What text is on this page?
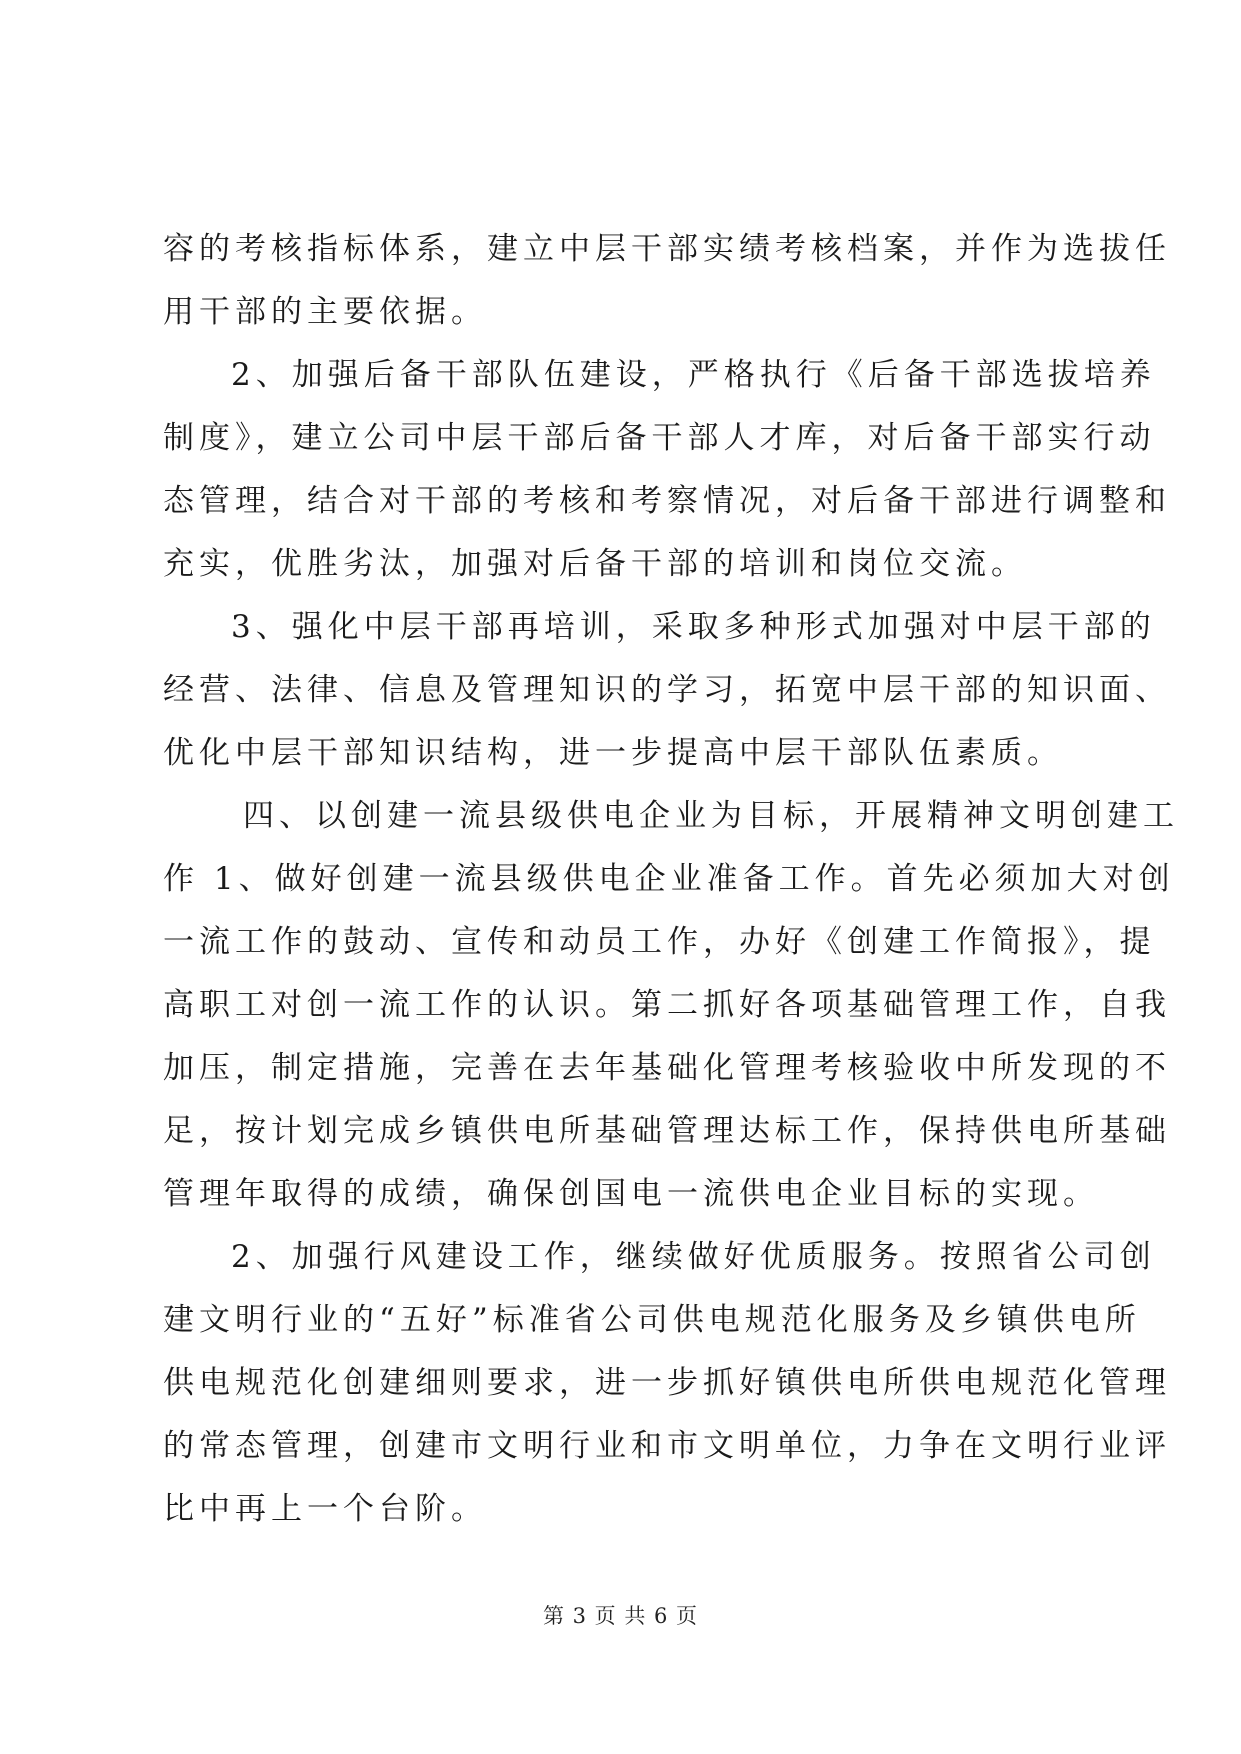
容的考核指标体系，建立中层干部实绩考核档案，并作为选拔任
用干部的主要依据。
2、加强后备干部队伍建设，严格执行《后备干部选拔培养
制度》，建立公司中层干部后备干部人才库，对后备干部实行动
态管理，结合对干部的考核和考察情况，对后备干部进行调整和
充实，优胜劣汰，加强对后备干部的培训和岗位交流。
3、强化中层干部再培训，采取多种形式加强对中层干部的
经营、法律、信息及管理知识的学习，拓宽中层干部的知识面、
优化中层干部知识结构，进一步提高中层干部队伍素质。
四、以创建一流县级供电企业为目标，开展精神文明创建工
作 1、做好创建一流县级供电企业准备工作。首先必须加大对创
一流工作的鼓动、宣传和动员工作，办好《创建工作简报》，提
高职工对创一流工作的认识。第二抓好各项基础管理工作，自我
加压，制定措施，完善在去年基础化管理考核验收中所发现的不
足，按计划完成乡镇供电所基础管理达标工作，保持供电所基础
管理年取得的成绩，确保创国电一流供电企业目标的实现。
2、加强行风建设工作，继续做好优质服务。按照省公司创
建文明行业的“五好”标准省公司供电规范化服务及乡镇供电所
供电规范化创建细则要求，进一步抓好镇供电所供电规范化管理
的常态管理，创建市文明行业和市文明单位，力争在文明行业评
比中再上一个台阶。
第 3 页 共 6 页
